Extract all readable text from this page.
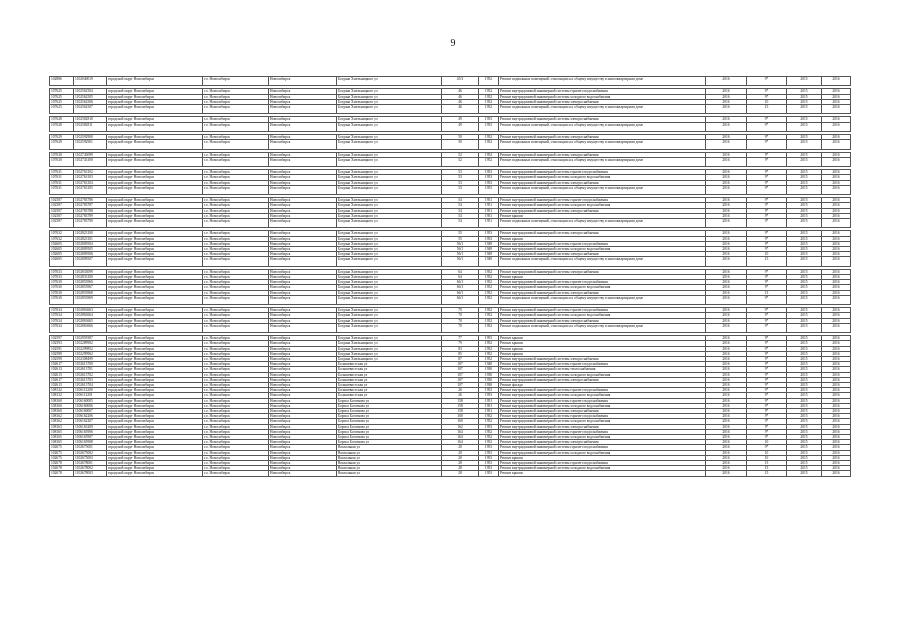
9
102886	1102040019	городской округ Новосибирск	г.о. Новосибирск	Новосибирск	Богдана Хмельницкого ул	45/3	1952	Ремонт подвальных помещений, относящихся к общему имуществу в многоквартирном доме	2016	9*	2015	2016

107625	1102562504	городской округ Новосибирск	г.о. Новосибирск	Новосибирск	Богдана Хмельницкого ул	46	1952	Ремонт внутридомовой инженерной системы горячего водоснабжения	2016	9*	2015	2016
107625	1102562505	городской округ Новосибирск	г.о. Новосибирск	Новосибирск	Богдана Хмельницкого ул	46	1952	Ремонт внутридомовой инженерной системы холодного водоснабжения	2016	9*	2015	2016
107625	1102562506	городской округ Новосибирск	г.о. Новосибирск	Новосибирск	Богдана Хмельницкого ул	46	1952	Ремонт внутридомовой инженерной системы электроснабжения	2016	10	2015	2016
107625	1102562507	городской округ Новосибирск	г.о. Новосибирск	Новосибирск	Богдана Хмельницкого ул	46	1952	Ремонт подвальных помещений, относящихся к общему имуществу в многоквартирном доме	2016	15	2015	2016

107628	1102582810	городской округ Новосибирск	г.о. Новосибирск	Новосибирск	Богдана Хмельницкого ул	49	1953	Ремонт внутридомовой инженерной системы электроснабжения	2016	9*	2015	2016
107628	1102582811	городской округ Новосибирск	г.о. Новосибирск	Новосибирск	Богдана Хмельницкого ул	49	1953	Ремонт подвальных помещений, относящихся к общему имуществу в многоквартирном доме	2016	9*	2015	2016

107629	1102592900	городской округ Новосибирск	г.о. Новосибирск	Новосибирск	Богдана Хмельницкого ул	50	1952	Ремонт внутридомовой инженерной системы электроснабжения	2016	9*	2015	2016
107629	1102592901	городской округ Новосибирск	г.о. Новосибирск	Новосибирск	Богдана Хмельницкого ул	50	1952	Ремонт подвальных помещений, относящихся к общему имуществу в многоквартирном доме	2016	9*	2015	2016

107630	1102743099	городской округ Новосибирск	г.о. Новосибирск	Новосибирск	Богдана Хмельницкого ул	52	1952	Ремонт внутридомовой инженерной системы электроснабжения	2016	9*	2015	2016
107630	1102743100	городской округ Новосибирск	г.о. Новосибирск	Новосибирск	Богдана Хмельницкого ул	52	1952	Ремонт подвальных помещений, относящихся к общему имуществу в многоквартирном доме	2016	9*	2015	2016

107631	1102763102	городской округ Новосибирск	г.о. Новосибирск	Новосибирск	Богдана Хмельницкого ул	53	1953	Ремонт внутридомовой инженерной системы горячего водоснабжения	2016	9*	2015	2016
107631	1102763103	городской округ Новосибирск	г.о. Новосибирск	Новосибирск	Богдана Хмельницкого ул	53	1953	Ремонт внутридомовой инженерной системы холодного водоснабжения	2016	9*	2015	2016
107631	1102763104	городской округ Новосибирск	г.о. Новосибирск	Новосибирск	Богдана Хмельницкого ул	53	1953	Ремонт внутридомовой инженерной системы электроснабжения	2016	9*	2015	2016
107631	1102763105	городской округ Новосибирск	г.о. Новосибирск	Новосибирск	Богдана Хмельницкого ул	53	1953	Ремонт подвальных помещений, относящихся к общему имуществу в многоквартирном доме	2016	9*	2015	2016

102587	1102783786	городской округ Новосибирск	г.о. Новосибирск	Новосибирск	Богдана Хмельницкого ул	54	1951	Ремонт внутридомовой инженерной системы горячего водоснабжения	2016	9*	2015	2016
102587	1102783787	городской округ Новосибирск	г.о. Новосибирск	Новосибирск	Богдана Хмельницкого ул	54	1951	Ремонт внутридомовой инженерной системы холодного водоснабжения	2016	9*	2015	2016
102587	1102783788	городской округ Новосибирск	г.о. Новосибирск	Новосибирск	Богдана Хмельницкого ул	54	1951	Ремонт внутридомовой инженерной системы электроснабжения	2016	9*	2015	2016
102587	1102783789	городской округ Новосибирск	г.о. Новосибирск	Новосибирск	Богдана Хмельницкого ул	54	1951	Ремонт крыши	2016	9*	2015	2016
102587	1102783790	городской округ Новосибирск	г.о. Новосибирск	Новосибирск	Богдана Хмельницкого ул	54	1951	Ремонт подвальных помещений, относящихся к общему имуществу в многоквартирном доме	2016	9*	2015	2016

107632	1102823100	городской округ Новосибирск	г.о. Новосибирск	Новосибирск	Богдана Хмельницкого ул	55	1953	Ремонт внутридомовой инженерной системы электроснабжения	2016	9*	2015	2016
107632	1102823101	городской округ Новосибирск	г.о. Новосибирск	Новосибирск	Богдана Хмельницкого ул	55	1953	Ремонт крыши	2016	9*	2015	2016
102605	1102809504	городской округ Новосибирск	г.о. Новосибирск	Новосибирск	Богдана Хмельницкого ул	56/1	1949	Ремонт внутридомовой инженерной системы горячего водоснабжения	2016	9*	2015	2016
102605	1102809505	городской округ Новосибирск	г.о. Новосибирск	Новосибирск	Богдана Хмельницкого ул	56/1	1949	Ремонт внутридомовой инженерной системы холодного водоснабжения	2016	9*	2015	2016
102605	1102809506	городской округ Новосибирск	г.о. Новосибирск	Новосибирск	Богдана Хмельницкого ул	56/1	1949	Ремонт внутридомовой инженерной системы электроснабжения	2016	10	2015	2016
102605	1102809507	городской округ Новосибирск	г.о. Новосибирск	Новосибирск	Богдана Хмельницкого ул	56/1	1949	Ремонт подвальных помещений, относящихся к общему имуществу в многоквартирном доме	2016	15	2015	2016

107633	1102833099	городской округ Новосибирск	г.о. Новосибирск	Новосибирск	Богдана Хмельницкого ул	64	1952	Ремонт внутридомовой инженерной системы электроснабжения	2016	9*	2015	2016
107633	1102833100	городской округ Новосибирск	г.о. Новосибирск	Новосибирск	Богдана Хмельницкого ул	64	1952	Ремонт крыши	2016	9*	2015	2016
107630	1102853966	городской округ Новосибирск	г.о. Новосибирск	Новосибирск	Богдана Хмельницкого ул	66/1	1952	Ремонт внутридомовой инженерной системы горячего водоснабжения	2016	9*	2015	2016
107630	1102853967	городской округ Новосибирск	г.о. Новосибирск	Новосибирск	Богдана Хмельницкого ул	66/1	1952	Ремонт внутридомовой инженерной системы холодного водоснабжения	2016	9*	2015	2016
107630	1102853968	городской округ Новосибирск	г.о. Новосибирск	Новосибирск	Богдана Хмельницкого ул	66/1	1952	Ремонт внутридомовой инженерной системы электроснабжения	2016	13	2015	2016
107630	1102853969	городской округ Новосибирск	г.о. Новосибирск	Новосибирск	Богдана Хмельницкого ул	66/1	1952	Ремонт подвальных помещений, относящихся к общему имуществу в многоквартирном доме	2016	9*	2015	2016

107634	1102863663	городской округ Новосибирск	г.о. Новосибирск	Новосибирск	Богдана Хмельницкого ул	70	1952	Ремонт внутридомовой инженерной системы горячего водоснабжения	2016	9*	2015	2016
107634	1102863664	городской округ Новосибирск	г.о. Новосибирск	Новосибирск	Богдана Хмельницкого ул	70	1952	Ремонт внутридомовой инженерной системы холодного водоснабжения	2016	9*	2015	2016
107634	1102863665	городской округ Новосибирск	г.о. Новосибирск	Новосибирск	Богдана Хмельницкого ул	70	1952	Ремонт внутридомовой инженерной системы электроснабжения	2016	9*	2015	2016
107634	1102863666	городской округ Новосибирск	г.о. Новосибирск	Новосибирск	Богдана Хмельницкого ул	70	1952	Ремонт подвальных помещений, относящихся к общему имуществу в многоквартирном доме	2016	9*	2015	2016

102597	1102959387	городской округ Новосибирск	г.о. Новосибирск	Новосибирск	Богдана Хмельницкого ул	77	1953	Ремонт крыши	2016	9*	2015	2016
102593	1102289902	городской округ Новосибирск	г.о. Новосибирск	Новосибирск	Богдана Хмельницкого ул	79	1952	Ремонт крыши	2016	9*	2015	2016
102591	1102299852	городской округ Новосибирск	г.о. Новосибирск	Новосибирск	Богдана Хмельницкого ул	83	1952	Ремонт крыши	2016	9*	2015	2016
102589	1102299962	городской округ Новосибирск	г.о. Новосибирск	Новосибирск	Богдана Хмельницкого ул	85	1952	Ремонт крыши	2016	9*	2015	2016
102599	1102308499	городской округ Новосибирск	г.о. Новосибирск	Новосибирск	Богдана Хмельницкого ул	87	1952	Ремонт внутридомовой инженерной системы электроснабжения	2016	9*	2015	2016
102617	1102613700	городской округ Новосибирск	г.о. Новосибирск	Новосибирск	Большевистская ул	107	1940	Ремонт внутридомовой инженерной системы горячего водоснабжения	2016	9*	2015	2016
102613	1102613701	городской округ Новосибирск	г.о. Новосибирск	Новосибирск	Большевистская ул	107	1930	Ремонт внутридомовой инженерной системы теплоснабжения	2016	9*	2015	2016
102613	1102613702	городской округ Новосибирск	г.о. Новосибирск	Новосибирск	Большевистская ул	107	1930	Ремонт внутридомовой инженерной системы холодного водоснабжения	2016	9*	2015	2016
102617	1102613703	городской округ Новосибирск	г.о. Новосибирск	Новосибирск	Большевистская ул	107	1930	Ремонт внутридомовой инженерной системы электроснабжения	2016	9*	2015	2016
102613	1102613704	городской округ Новосибирск	г.о. Новосибирск	Новосибирск	Большевистская ул	107	1930	Ремонт фасада	2016	9*	2015	2016
108132	1106113200	городской округ Новосибирск	г.о. Новосибирск	Новосибирск	Большевистская ул	26	1953	Ремонт внутридомовой инженерной системы горячего водоснабжения	2016	9*	2015	2016
108132	1106113201	городской округ Новосибирск	г.о. Новосибирск	Новосибирск	Большевистская ул	26	1953	Ремонт внутридомовой инженерной системы холодного водоснабжения	2016	9*	2015	2016
108160	1106160005	городской округ Новосибирск	г.о. Новосибирск	Новосибирск	Бориса Богаткова ул	158	1951	Ремонт внутридомовой инженерной системы горячего водоснабжения	2016	9*	2015	2016
108160	1106160006	городской округ Новосибирск	г.о. Новосибирск	Новосибирск	Бориса Богаткова ул	158	1951	Ремонт внутридомовой инженерной системы холодного водоснабжения	2016	9*	2015	2016
108160	1106160007	городской округ Новосибирск	г.о. Новосибирск	Новосибирск	Бориса Богаткова ул	158	1951	Ремонт внутридомовой инженерной системы электроснабжения	2016	9*	2015	2016
108162	1106162206	городской округ Новосибирск	г.о. Новосибирск	Новосибирск	Бориса Богаткова ул	160	1952	Ремонт внутридомовой инженерной системы горячего водоснабжения	2016	9*	2015	2016
108162	1106162207	городской округ Новосибирск	г.о. Новосибирск	Новосибирск	Бориса Богаткова ул	160	1952	Ремонт внутридомовой инженерной системы холодного водоснабжения	2016	9*	2015	2016
108163	1106163209	городской округ Новосибирск	г.о. Новосибирск	Новосибирск	Бориса Богаткова ул	162	1953	Ремонт внутридомовой инженерной системы электроснабжения	2016	9*	2015	2016
108165	1106165906	городской округ Новосибирск	г.о. Новосибирск	Новосибирск	Бориса Богаткова ул	164	1952	Ремонт внутридомовой инженерной системы горячего водоснабжения	2016	9*	2015	2016
108165	1106165907	городской округ Новосибирск	г.о. Новосибирск	Новосибирск	Бориса Богаткова ул	164	1952	Ремонт внутридомовой инженерной системы холодного водоснабжения	2016	9*	2015	2016
108165	1106165908	городской округ Новосибирск	г.о. Новосибирск	Новосибирск	Бориса Богаткова ул	164	1952	Ремонт внутридомовой инженерной системы электроснабжения	2016	10	2015	2016
102675	1102675001	городской округ Новосибирск	г.о. Новосибирск	Новосибирск	Вокзальная ул	20	1953	Ремонт внутридомовой инженерной системы горячего водоснабжения	2016	9*	2015	2016
102675	1102675002	городской округ Новосибирск	г.о. Новосибирск	Новосибирск	Вокзальная ул	20	1953	Ремонт внутридомовой инженерной системы холодного водоснабжения	2016	10	2015	2016
102675	1102675003	городской округ Новосибирск	г.о. Новосибирск	Новосибирск	Вокзальная ул	20	1953	Ремонт крыши	2016	10	2015	2016
102678	1102678001	городской округ Новосибирск	г.о. Новосибирск	Новосибирск	Вокзальная ул	28	1953	Ремонт внутридомовой инженерной системы горячего водоснабжения	2016	15	2015	2016
102678	1102678002	городской округ Новосибирск	г.о. Новосибирск	Новосибирск	Вокзальная ул	28	1953	Ремонт внутридомовой инженерной системы холодного водоснабжения	2016	15	2015	2016
102678	1102678003	городской округ Новосибирск	г.о. Новосибирск	Новосибирск	Вокзальная ул	28	1953	Ремонт крыши	2016	15	2015	2016
